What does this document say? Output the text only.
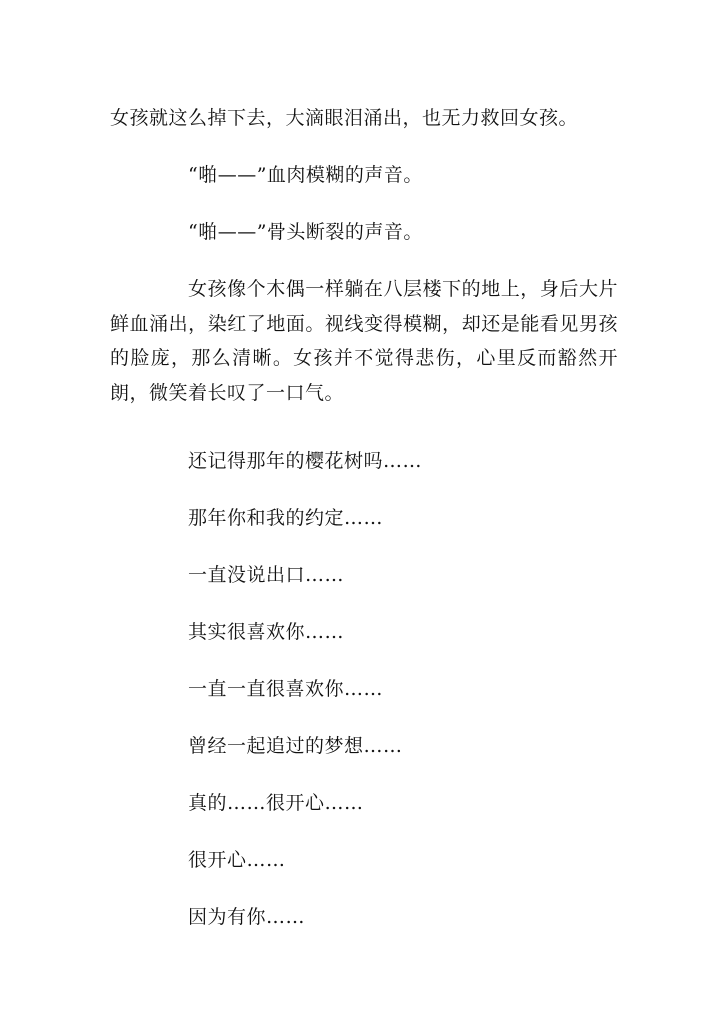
女孩就这么掉下去，大滴眼泪涌出，也无力救回女孩。
“啪——”血肉模糊的声音。
“啪——”骨头断裂的声音。
女孩像个木偶一样躺在八层楼下的地上，身后大片鲜血涌出，染红了地面。视线变得模糊，却还是能看见男孩的脸庞，那么清晰。女孩并不觉得悲伤，心里反而豁然开朗，微笑着长叹了一口气。
还记得那年的樱花树吗……
那年你和我的约定……
一直没说出口……
其实很喜欢你……
一直一直很喜欢你……
曾经一起追过的梦想……
真的……很开心……
很开心……
因为有你……
